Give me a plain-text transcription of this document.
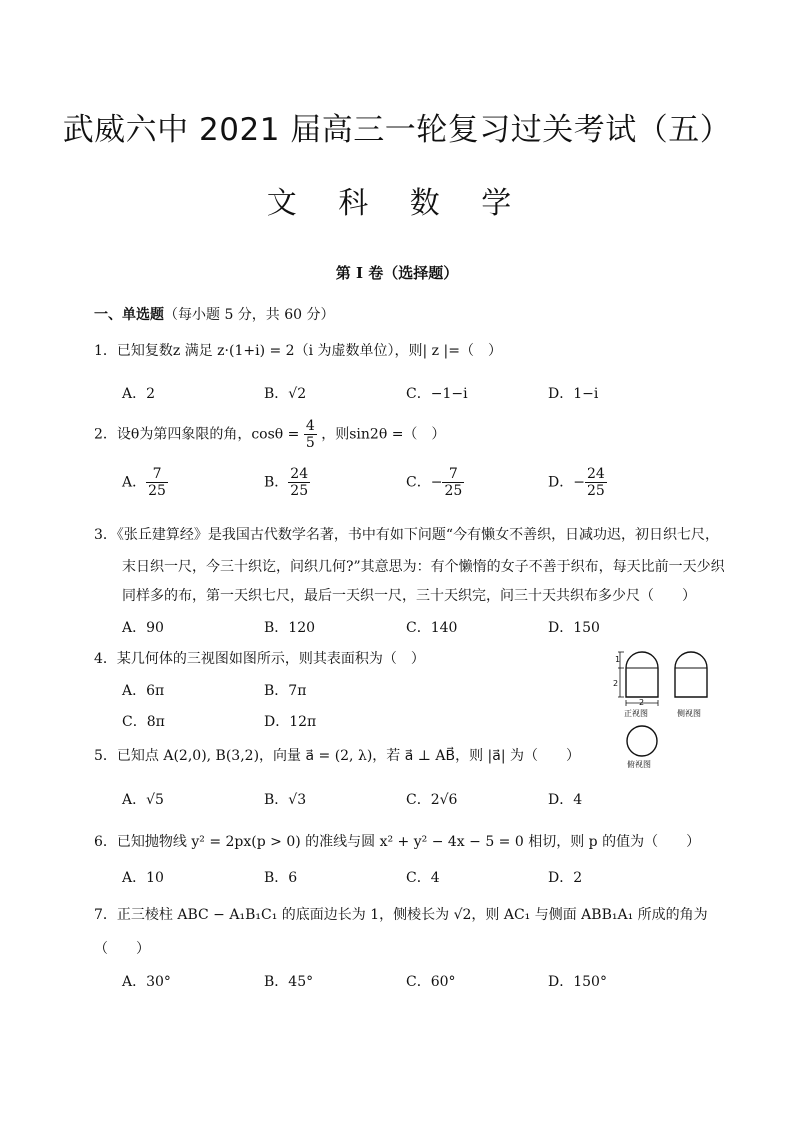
武威六中 2021 届高三一轮复习过关考试（五）
文 科 数 学
第 I 卷（选择题）
一、单选题（每小题 5 分，共 60 分）
1．已知复数z 满足 z·(1+i) = 2（i 为虚数单位），则| z |=（　）
A．2	B．√2	C．−1−i	D．1−i
2．设θ为第四象限的角，$\cos\theta = \frac{4}{5}$ ，则sin2θ =（　）
A． $\frac{7}{25}$	B． $\frac{24}{25}$	C．− $\frac{7}{25}$	D．− $\frac{24}{25}$
3．《张丘建算经》是我国古代数学名著，书中有如下问题“今有懒女不善织，日减功迟，初日织七尺，
末日织一尺，今三十织讫，问织几何?”其意思为：有个懒惰的女子不善于织布，每天比前一天少织
同样多的布，第一天织七尺，最后一天织一尺，三十天织完，问三十天共织布多少尺（　　）
A．90	B．120	C．140	D．150
4．某几何体的三视图如图所示，则其表面积为（　）
A．6π	B．7π
C．8π	D．12π
1
2
2
正视图	侧视图
俯视图
5．已知点 A(2,0), B(3,2)，向量 a⃗ = (2, λ)，若 a⃗ ⊥ AB⃗，则 |a⃗| 为（　　）
A．√5	B．√3	C．2√6	D．4
6．已知抛物线 y² = 2px(p > 0) 的准线与圆 x² + y² − 4x − 5 = 0 相切，则 p 的值为（　　）
A．10	B．6	C．4	D．2
7．正三棱柱 ABC − A₁B₁C₁ 的底面边长为 1，侧棱长为 √2，则 AC₁ 与侧面 ABB₁A₁ 所成的角为
（　　）
A．30°	B．45°	C．60°	D．150°
